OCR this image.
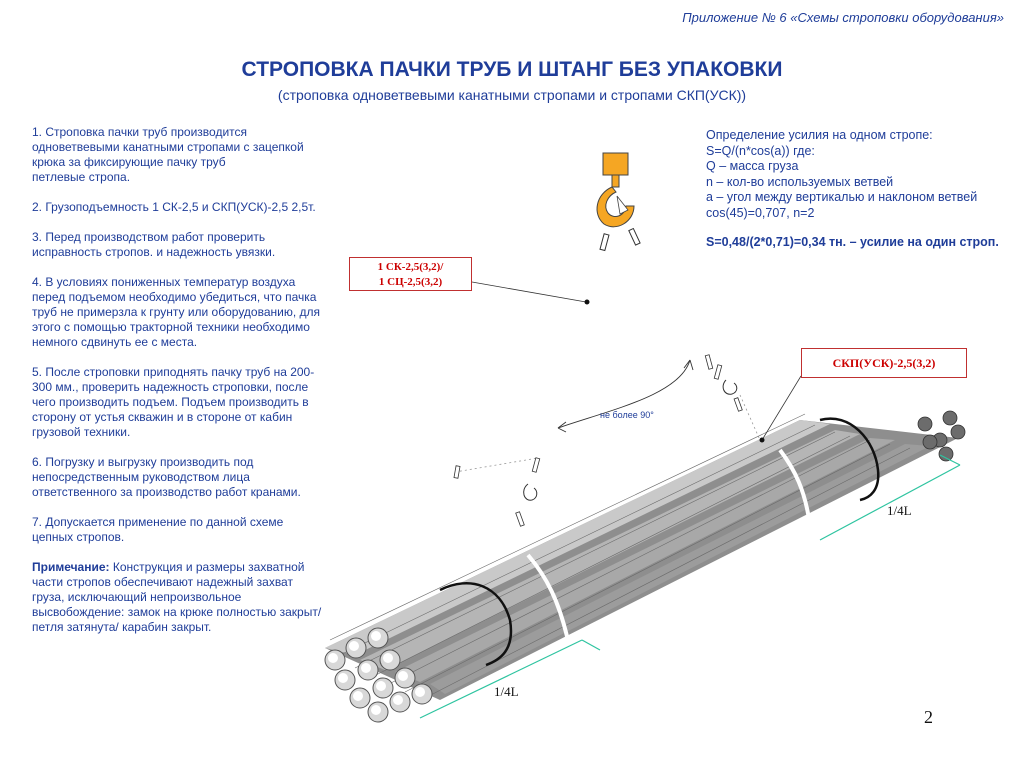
Приложение № 6 «Схемы строповки оборудования»
СТРОПОВКА ПАЧКИ ТРУБ И ШТАНГ БЕЗ УПАКОВКИ
(строповка одноветвевыми канатными стропами и стропами СКП(УСК))

1. Строповка пачки труб производится одноветвевыми канатными стропами с зацепкой крюка за фиксирующие пачку труб
петлевые стропа.

2. Грузоподъемность 1 СК-2,5 и СКП(УСК)-2,5 2,5т.

3. Перед производством работ проверить исправность стропов. и надежность увязки.

4. В условиях пониженных температур воздуха перед подъемом необходимо убедиться, что пачка труб не примерзла к грунту или оборудованию, для этого с помощью тракторной техники необходимо немного сдвинуть ее с места.

5. После строповки приподнять пачку труб на 200-300 мм., проверить надежность строповки, после чего производить подъем. Подъем производить в сторону от устья скважин и в стороне от кабин грузовой техники.

6. Погрузку и выгрузку производить под непосредственным руководством лица ответственного за производство работ кранами.

7. Допускается применение по данной схеме цепных стропов.

Примечание: Конструкция и размеры захватной части стропов обеспечивают надежный захват груза, исключающий непроизвольное высвобождение: замок на крюке полностью закрыт/ петля затянута/ карабин закрыт.

Определение усилия на одном стропе:
S=Q/(n*cos(a)) где:
Q – масса груза
n – кол-во используемых ветвей
a – угол между вертикалью и наклоном ветвей
cos(45)=0,707, n=2
S=0,48/(2*0,71)=0,34 тн. – усилие на один строп.
1 СК-2,5(3,2)/
1 СЦ-2,5(3,2)
СКП(УСК)-2,5(3,2)
не более 90°
1/4L
1/4L
2
